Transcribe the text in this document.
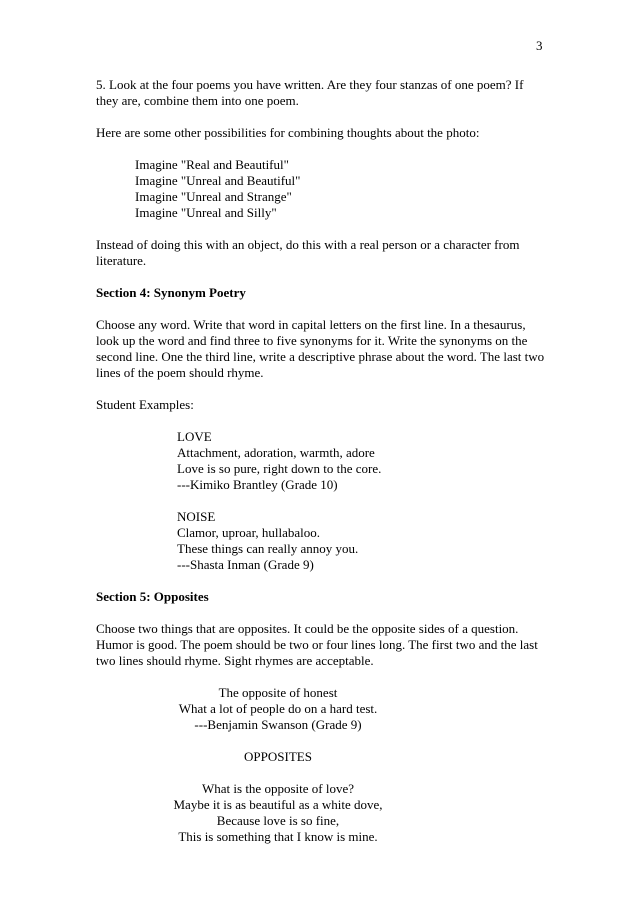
3

5. Look at the four poems you have written. Are they four stanzas of one poem? If they are, combine them into one poem.

Here are some other possibilities for combining thoughts about the photo:

Imagine "Real and Beautiful"
Imagine "Unreal and Beautiful"
Imagine "Unreal and Strange"
Imagine "Unreal and Silly"

Instead of doing this with an object, do this with a real person or a character from literature.

Section 4: Synonym Poetry

Choose any word. Write that word in capital letters on the first line. In a thesaurus, look up the word and find three to five synonyms for it. Write the synonyms on the second line. One the third line, write a descriptive phrase about the word. The last two lines of the poem should rhyme.

Student Examples:

LOVE
Attachment, adoration, warmth, adore
Love is so pure, right down to the core.
---Kimiko Brantley (Grade 10)
NOISE
Clamor, uproar, hullabaloo.
These things can really annoy you.
---Shasta Inman (Grade 9)

Section 5: Opposites

Choose two things that are opposites. It could be the opposite sides of a question. Humor is good. The poem should be two or four lines long. The first two and the last two lines should rhyme. Sight rhymes are acceptable.

The opposite of honest
What a lot of people do on a hard test.
---Benjamin Swanson (Grade 9)

OPPOSITES

What is the opposite of love?
Maybe it is as beautiful as a white dove,
Because love is so fine,
This is something that I know is mine.
